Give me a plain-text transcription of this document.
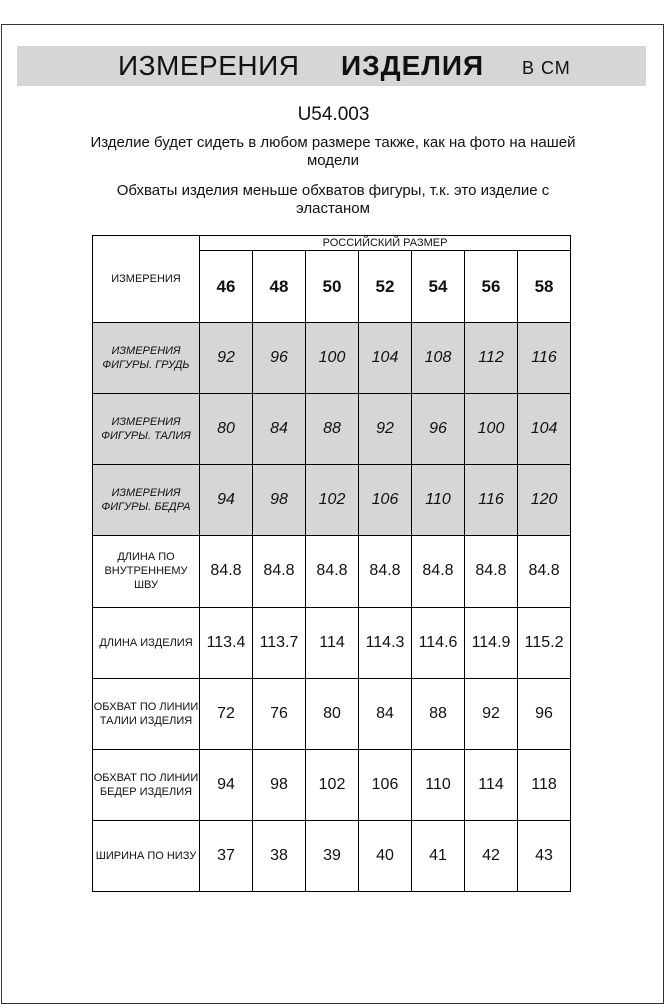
ИЗМЕРЕНИЯ ИЗДЕЛИЯ В СМ
U54.003
Изделие будет сидеть в любом размере также, как на фото на нашей модели
Обхваты изделия меньше обхватов фигуры, т.к. это изделие с эластаном
ИЗМЕРЕНИЯ	РОССИЙСКИЙ РАЗМЕР						
	46	48	50	52	54	56	58
ИЗМЕРЕНИЯ ФИГУРЫ. ГРУДЬ	92	96	100	104	108	112	116
ИЗМЕРЕНИЯ ФИГУРЫ. ТАЛИЯ	80	84	88	92	96	100	104
ИЗМЕРЕНИЯ ФИГУРЫ. БЕДРА	94	98	102	106	110	116	120
ДЛИНА ПО ВНУТРЕННЕМУ ШВУ	84.8	84.8	84.8	84.8	84.8	84.8	84.8
ДЛИНА ИЗДЕЛИЯ	113.4	113.7	114	114.3	114.6	114.9	115.2
ОБХВАТ ПО ЛИНИИ ТАЛИИ ИЗДЕЛИЯ	72	76	80	84	88	92	96
ОБХВАТ ПО ЛИНИИ БЕДЕР ИЗДЕЛИЯ	94	98	102	106	110	114	118
ШИРИНА ПО НИЗУ	37	38	39	40	41	42	43
